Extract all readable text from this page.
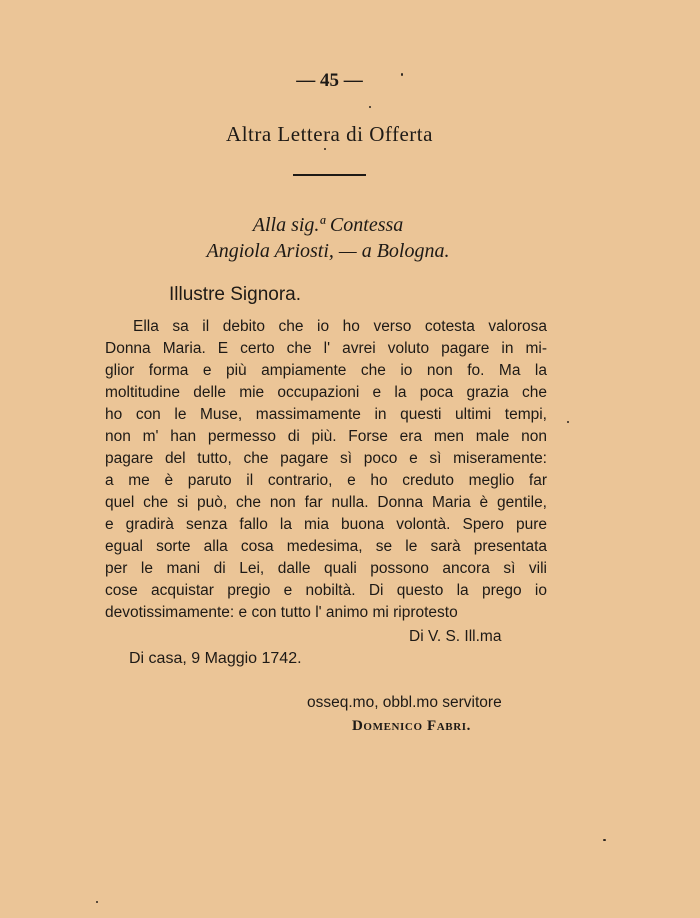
— 45 —
Altra Lettera di Offerta
Alla sig.ª Contessa
Angiola Ariosti, — a Bologna.
Illustre Signora.
Ella sa il debito che io ho verso cotesta valorosa
Donna Maria. E certo che l' avrei voluto pagare in mi-
glior forma e più ampiamente che io non fo. Ma la
moltitudine delle mie occupazioni e la poca grazia che
ho con le Muse, massimamente in questi ultimi tempi,
non m' han permesso di più. Forse era men male non
pagare del tutto, che pagare sì poco e sì miseramente:
a me è paruto il contrario, e ho creduto meglio far
quel che si può, che non far nulla. Donna Maria è gentile,
e gradirà senza fallo la mia buona volontà. Spero pure
egual sorte alla cosa medesima, se le sarà presentata
per le mani di Lei, dalle quali possono ancora sì vili
cose acquistar pregio e nobiltà. Di questo la prego io
devotissimamente: e con tutto l' animo mi riprotesto
Di V. S. Ill.ma
Di casa, 9 Maggio 1742.
osseq.mo, obbl.mo servitore
Domenico Fabri.
